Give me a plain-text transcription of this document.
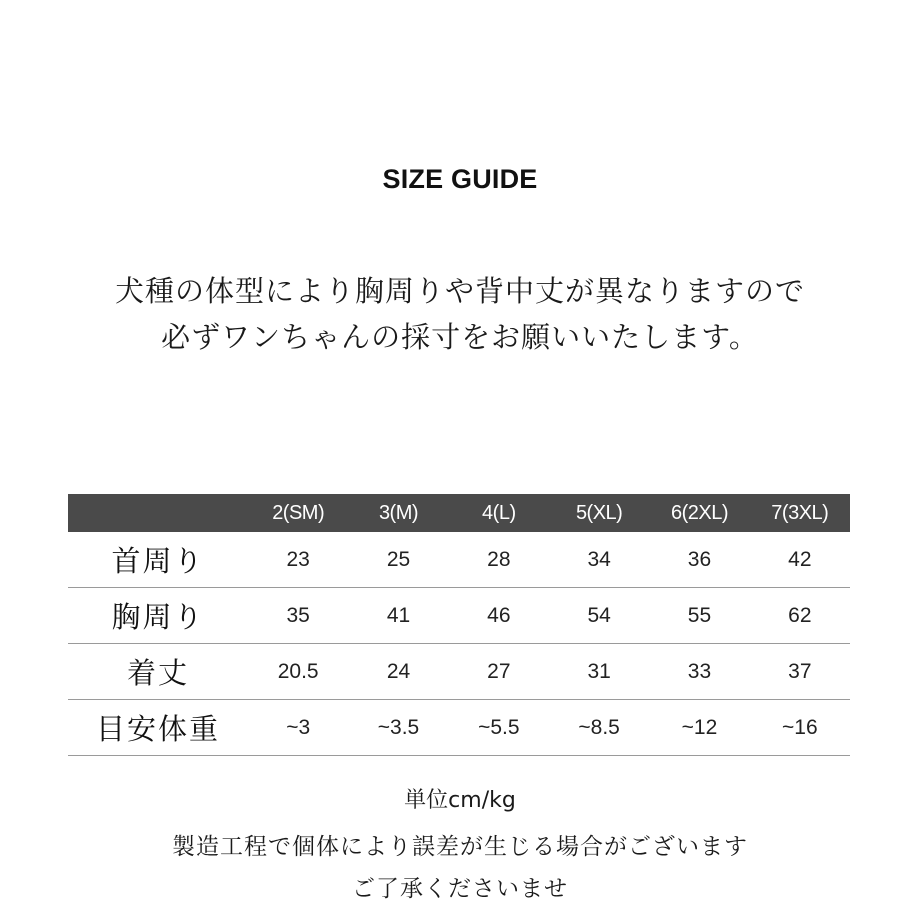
SIZE GUIDE
犬種の体型により胸周りや背中丈が異なりますので
必ずワンちゃんの採寸をお願いいたします。
	2(SM)	3(M)	4(L)	5(XL)	6(2XL)	7(3XL)
首周り	23	25	28	34	36	42
胸周り	35	41	46	54	55	62
着丈	20.5	24	27	31	33	37
目安体重	~3	~3.5	~5.5	~8.5	~12	~16
単位cm/kg
製造工程で個体により誤差が生じる場合がございます
ご了承くださいませ
